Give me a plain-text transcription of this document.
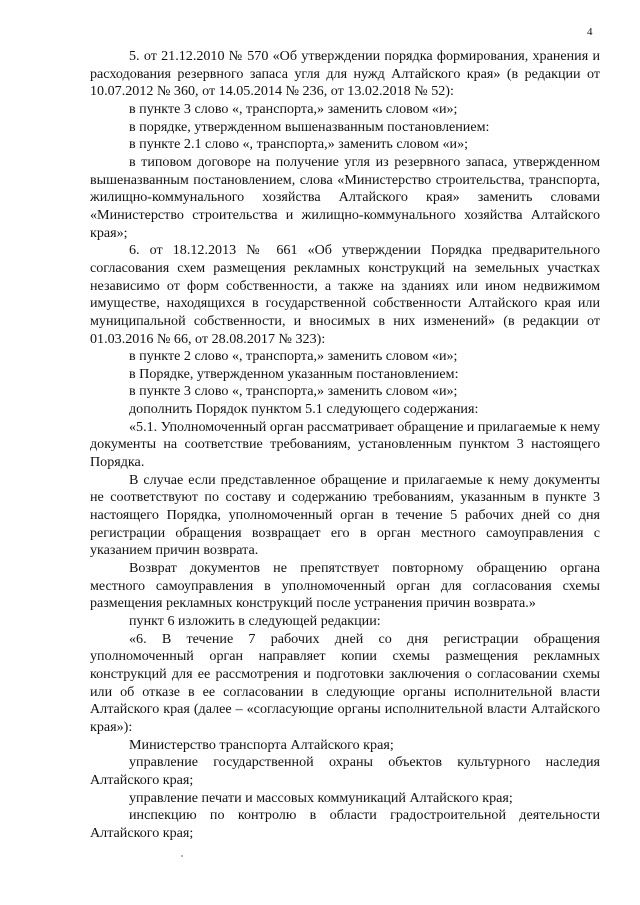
4

5. от 21.12.2010 № 570 «Об утверждении порядка формирования, хранения и расходования резервного запаса угля для нужд Алтайского края» (в редакции от 10.07.2012 № 360, от 14.05.2014 № 236, от 13.02.2018 № 52):

в пункте 3 слово «, транспорта,» заменить словом «и»;

в порядке, утвержденном вышеназванным постановлением:

в пункте 2.1 слово «, транспорта,» заменить словом «и»;

в типовом договоре на получение угля из резервного запаса, утвержденном вышеназванным постановлением, слова «Министерство строительства, транспорта, жилищно-коммунального хозяйства Алтайского края» заменить словами «Министерство строительства и жилищно-коммунального хозяйства Алтайского края»;

6. от 18.12.2013 № 661 «Об утверждении Порядка предварительного согласования схем размещения рекламных конструкций на земельных участках независимо от форм собственности, а также на зданиях или ином недвижимом имуществе, находящихся в государственной собственности Алтайского края или муниципальной собственности, и вносимых в них изменений» (в редакции от 01.03.2016 № 66, от 28.08.2017 № 323):

в пункте 2 слово «, транспорта,» заменить словом «и»;

в Порядке, утвержденном указанным постановлением:

в пункте 3 слово «, транспорта,» заменить словом «и»;

дополнить Порядок пунктом 5.1 следующего содержания:

«5.1. Уполномоченный орган рассматривает обращение и прилагаемые к нему документы на соответствие требованиям, установленным пунктом 3 настоящего Порядка.

В случае если представленное обращение и прилагаемые к нему документы не соответствуют по составу и содержанию требованиям, указанным в пункте 3 настоящего Порядка, уполномоченный орган в течение 5 рабочих дней со дня регистрации обращения возвращает его в орган местного самоуправления с указанием причин возврата.

Возврат документов не препятствует повторному обращению органа местного самоуправления в уполномоченный орган для согласования схемы размещения рекламных конструкций после устранения причин возврата.»

пункт 6 изложить в следующей редакции:

«6. В течение 7 рабочих дней со дня регистрации обращения уполномоченный орган направляет копии схемы размещения рекламных конструкций для ее рассмотрения и подготовки заключения о согласовании схемы или об отказе в ее согласовании в следующие органы исполнительной власти Алтайского края (далее – «согласующие органы исполнительной власти Алтайского края»):

Министерство транспорта Алтайского края;

управление государственной охраны объектов культурного наследия Алтайского края;

управление печати и массовых коммуникаций Алтайского края;

инспекцию по контролю в области градостроительной деятельности Алтайского края;
